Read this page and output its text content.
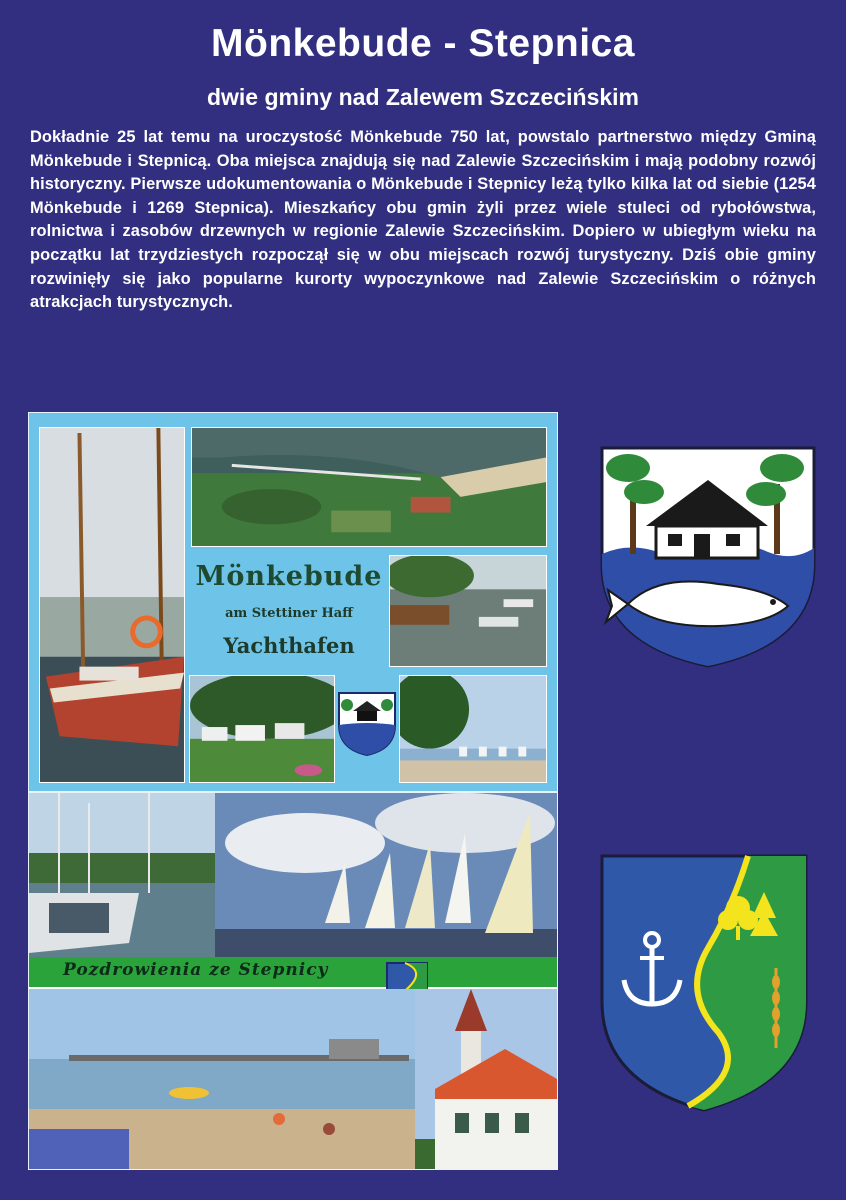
Mönkebude - Stepnica
dwie gminy nad Zalewem Szczecińskim

Dokładnie 25 lat temu na uroczystość Mönkebude 750 lat, powstalo partnerstwo między Gminą Mönkebude i Stepnicą. Oba miejsca znajdują się nad Zalewie Szczecińskim i mają podobny rozwój historyczny. Pierwsze udokumentowania o Mönkebude i Stepnicy leżą tylko kilka lat od siebie (1254 Mönkebude i 1269 Stepnica). Mieszkańcy obu gmin żyli przez wiele stuleci od rybołówstwa, rolnictwa i zasobów drzewnych w regionie Zalewie Szczecińskim. Dopiero w ubiegłym wieku na początku lat trzydziestych rozpoczął się w obu miejscach rozwój turystyczny. Dziś obie gminy rozwinięły się jako popularne kurorty wypoczynkowe nad Zalewie Szczecińskim o różnych atrakcjach turystycznych.

Mönkebude
am Stettiner Haff
Yachthafen
Pozdrowienia ze Stepnicy
